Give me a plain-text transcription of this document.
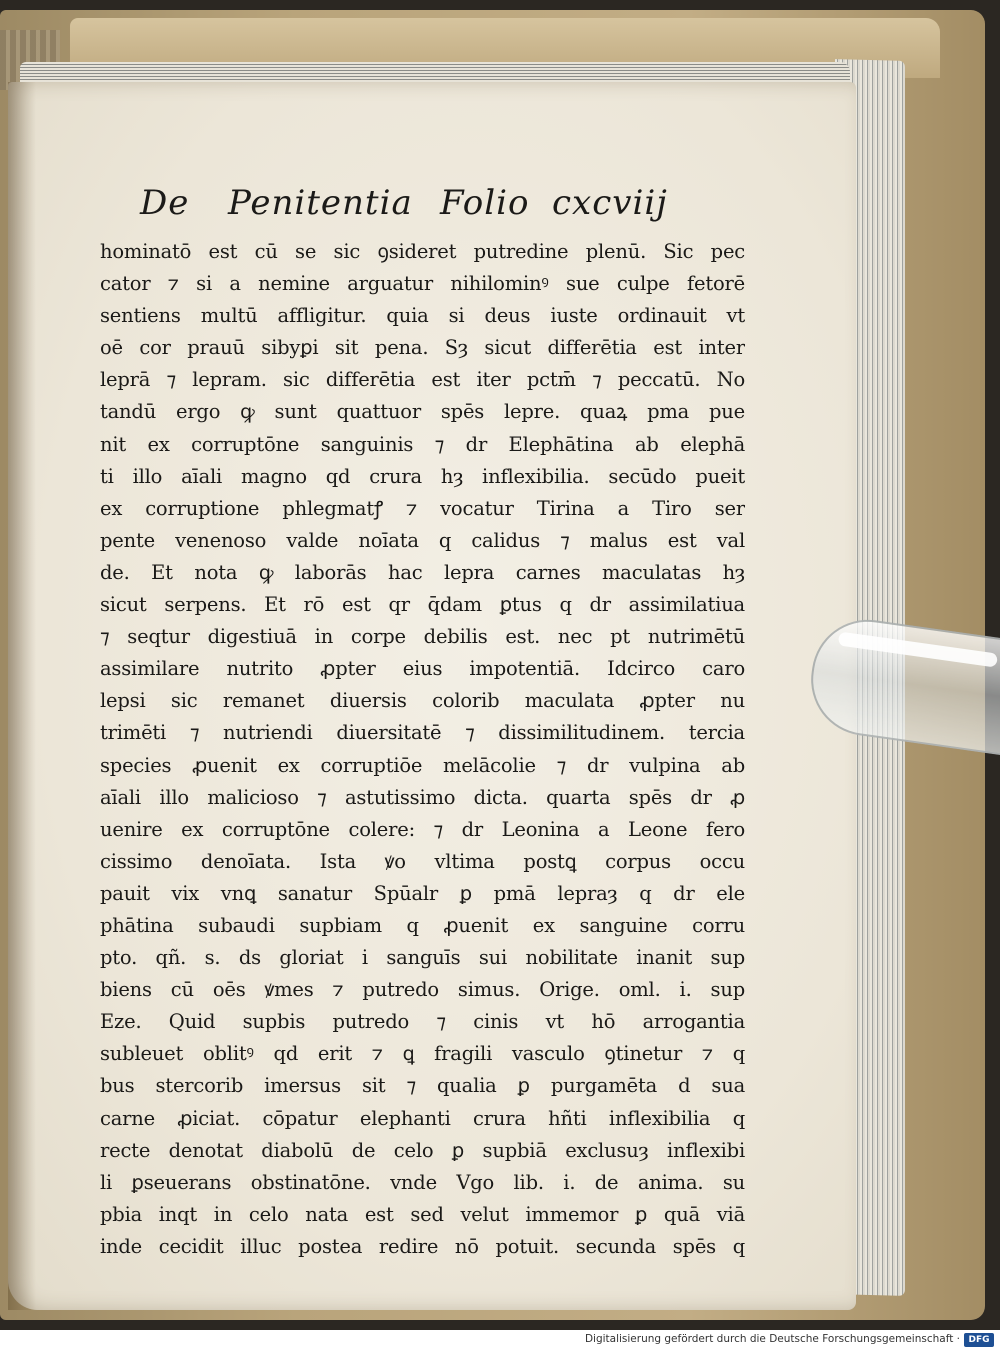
De Penitentia Folio cxcviij
hominatō est cū se sic ꝯsideret putredine plenū. Sic pec
cator ⁊ si a nemine arguatur nihilominꝰ sue culpe fetorē
sentiens multū affligitur. quia si deus iuste ordinauit vt
oē cor prauū sibyꝑi sit pena. Sȝ sicut differētia est inter
leprā ⁊ lepram. sic differētia est iter pctm̄ ⁊ peccatū. No
tandū ergo ꝙ sunt quattuor spēs lepre. quaꝝ pma pue
nit ex corruptōne sanguinis ⁊ dr Elephātina ab elephā
ti illo aīali magno qd crura hȝ inflexibilia. secūdo pueit
ex corruptione phlegmatꝭ ⁊ vocatur Tirina a Tiro ser
pente venenoso valde noīata q calidus ⁊ malus est val
de. Et nota ꝙ laborās hac lepra carnes maculatas hȝ
sicut serpens. Et rō est qr q̄dam ꝑtus q dr assimilatiua
⁊ seqtur digestiuā in corpe debilis est. nec pt nutrimētū
assimilare nutrito ꝓpter eius impotentiā. Idcirco caro
lepsi sic remanet diuersis colorib maculata ꝓpter nu
trimēti ⁊ nutriendi diuersitatē ⁊ dissimilitudinem. tercia
species ꝓuenit ex corruptiōe melācolie ⁊ dr vulpina ab
aīali illo malicioso ⁊ astutissimo dicta. quarta spēs dr ꝓ
uenire ex corruptōne colere: ⁊ dr Leonina a Leone fero
cissimo denoīata. Ista ꝟo vltima postꝗ corpus occu
pauit vix vnꝗ sanatur Spūalr ꝑ pmā lepraȝ q dr ele
phātina subaudi supbiam q ꝓuenit ex sanguine corru
pto. qñ. s. ds gloriat i sanguīs sui nobilitate inanit sup
biens cū oēs ꝟmes ⁊ putredo simus. Orige. oml. i. sup
Eze. Quid supbis putredo ⁊ cinis vt hō arrogantia
subleuet oblitꝰ qd erit ⁊ ꝗ fragili vasculo ꝯtinetur ⁊ q
bus stercorib imersus sit ⁊ qualia ꝑ purgamēta d sua
carne ꝓiciat. cōpatur elephanti crura hñti inflexibilia q
recte denotat diabolū de celo ꝑ supbiā exclusuȝ inflexibi
li ꝑseuerans obstinatōne. vnde Vgo lib. i. de anima. su
pbia inqt in celo nata est sed velut immemor ꝑ quā viā
inde cecidit illuc postea redire nō potuit. secunda spēs q
Digitalisierung gefördert durch die Deutsche Forschungsgemeinschaft · DFG
